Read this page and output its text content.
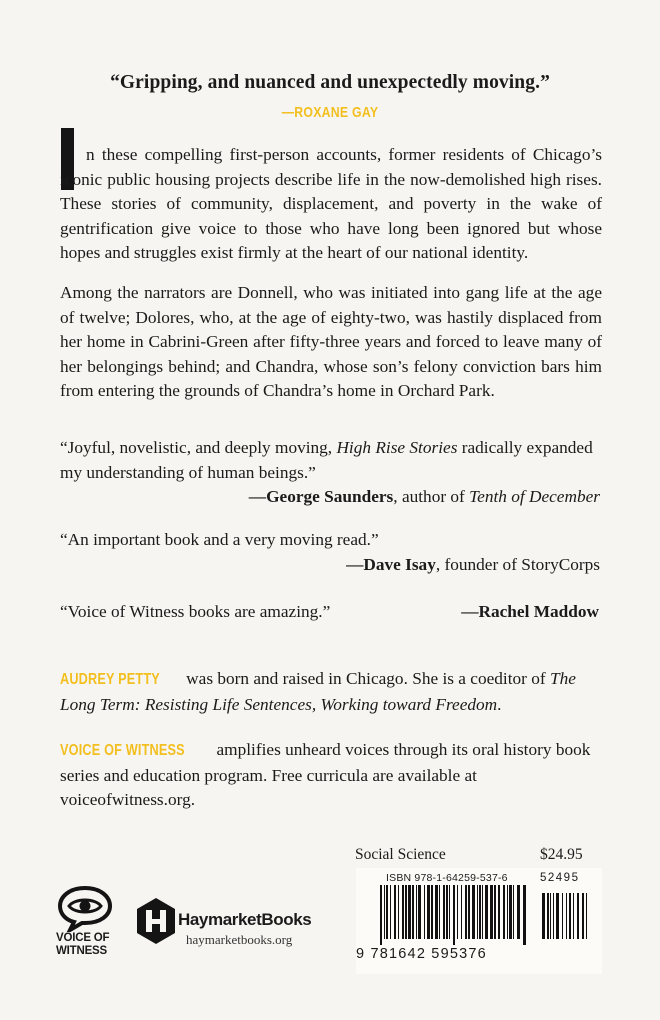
“Gripping, and nuanced and unexpectedly moving.”
—ROXANE GAY
n these compelling first-person accounts, former residents of Chicago’s iconic public housing projects describe life in the now-demolished high rises. These stories of community, displacement, and poverty in the wake of gentrification give voice to those who have long been ignored but whose hopes and struggles exist firmly at the heart of our national identity.
Among the narrators are Donnell, who was initiated into gang life at the age of twelve; Dolores, who, at the age of eighty-two, was hastily displaced from her home in Cabrini-Green after fifty-three years and forced to leave many of her belongings behind; and Chandra, whose son’s felony conviction bars him from entering the grounds of Chandra’s home in Orchard Park.
“Joyful, novelistic, and deeply moving, High Rise Stories radically expanded my understanding of human beings.”
—George Saunders, author of Tenth of December
“An important book and a very moving read.”
—Dave Isay, founder of StoryCorps
“Voice of Witness books are amazing.”	—Rachel Maddow
AUDREY PETTY was born and raised in Chicago. She is a coeditor of The Long Term: Resisting Life Sentences, Working toward Freedom.
VOICE OF WITNESS amplifies unheard voices through its oral history book series and education program. Free curricula are available at voiceofwitness.org.
Social Science	$24.95
ISBN 978-1-64259-537-6	52495
9 781642 595376
VOICE OF
WITNESS
HaymarketBooks
haymarketbooks.org
